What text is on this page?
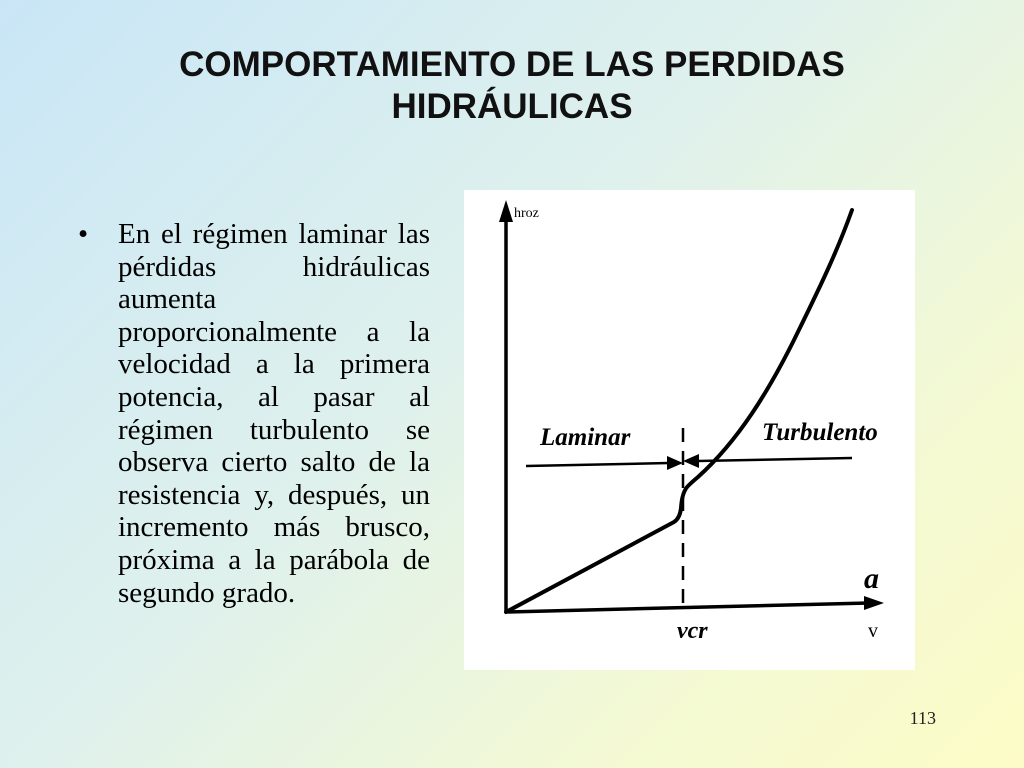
COMPORTAMIENTO DE LAS PERDIDAS
HIDRÁULICAS
• En el régimen laminar las pérdidas hidráulicas aumenta proporcionalmente a la velocidad a la primera potencia, al pasar al régimen turbulento se observa cierto salto de la resistencia y, después, un incremento más brusco, próxima a la parábola de segundo grado.
hroz
Laminar	Turbulento
a
v
vcr
113
